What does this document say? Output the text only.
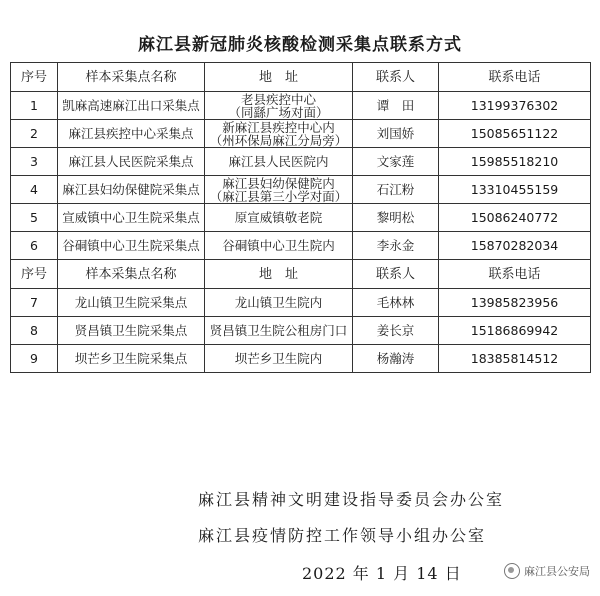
麻江县新冠肺炎核酸检测采集点联系方式
序号	样本采集点名称	地　址	联系人	联系电话
1	凯麻高速麻江出口采集点	老县疾控中心
（同繇广场对面）	谭　田	13199376302
2	麻江县疾控中心采集点	新麻江县疾控中心内
（州环保局麻江分局旁）	刘国娇	15085651122
3	麻江县人民医院采集点	麻江县人民医院内	文家莲	15985518210
4	麻江县妇幼保健院采集点	麻江县妇幼保健院内
（麻江县第三小学对面）	石江粉	13310455159
5	宣威镇中心卫生院采集点	原宣威镇敬老院	黎明松	15086240772
6	谷硐镇中心卫生院采集点	谷硐镇中心卫生院内	李永金	15870282034
序号	样本采集点名称	地　址	联系人	联系电话
7	龙山镇卫生院采集点	龙山镇卫生院内	毛林林	13985823956
8	贤昌镇卫生院采集点	贤昌镇卫生院公租房门口	姜长京	15186869942
9	坝芒乡卫生院采集点	坝芒乡卫生院内	杨瀚涛	18385814512
麻江县精神文明建设指导委员会办公室
麻江县疫情防控工作领导小组办公室
2022 年 1 月 14 日	麻江县公安局
